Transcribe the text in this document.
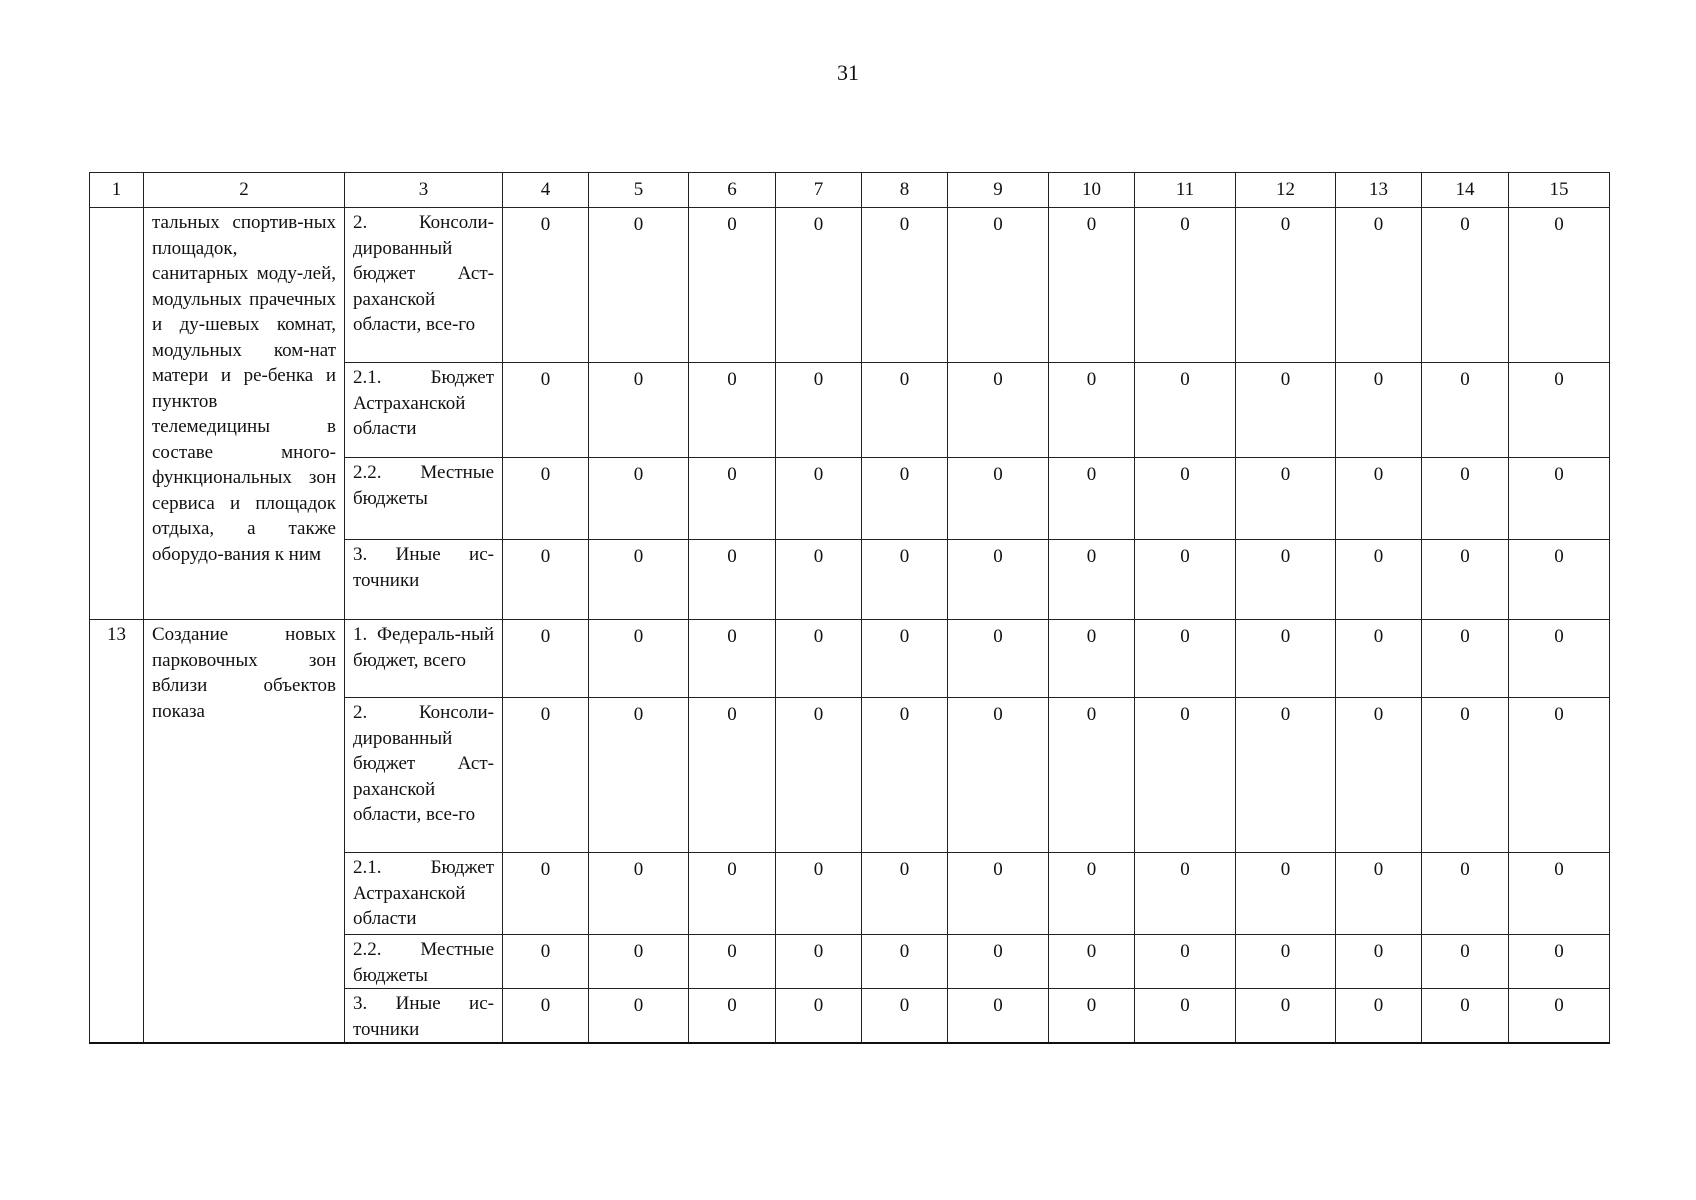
31
1	2	3	4	5	6	7	8	9	10	11	12	13	14	15
	тальных спортив-ных площадок, санитарных моду-лей, модульных прачечных и ду-шевых комнат, модульных ком-нат матери и ре-бенка и пунктов телемедицины в составе много-функциональных зон сервиса и площадок отдыха, а также оборудо-вания к ним	2. Консоли-дированный бюджет Аст-раханской области, все-го	0	0	0	0	0	0	0	0	0	0	0	0
		2.1. Бюджет Астраханской области	0	0	0	0	0	0	0	0	0	0	0	0
		2.2. Местные бюджеты	0	0	0	0	0	0	0	0	0	0	0	0
		3. Иные ис-точники	0	0	0	0	0	0	0	0	0	0	0	0
13	Создание новых парковочных зон вблизи объектов показа	1. Федераль-ный бюджет, всего	0	0	0	0	0	0	0	0	0	0	0	0
		2. Консоли-дированный бюджет Аст-раханской области, все-го	0	0	0	0	0	0	0	0	0	0	0	0
		2.1. Бюджет Астраханской области	0	0	0	0	0	0	0	0	0	0	0	0
		2.2. Местные бюджеты	0	0	0	0	0	0	0	0	0	0	0	0
		3. Иные ис-точники	0	0	0	0	0	0	0	0	0	0	0	0
